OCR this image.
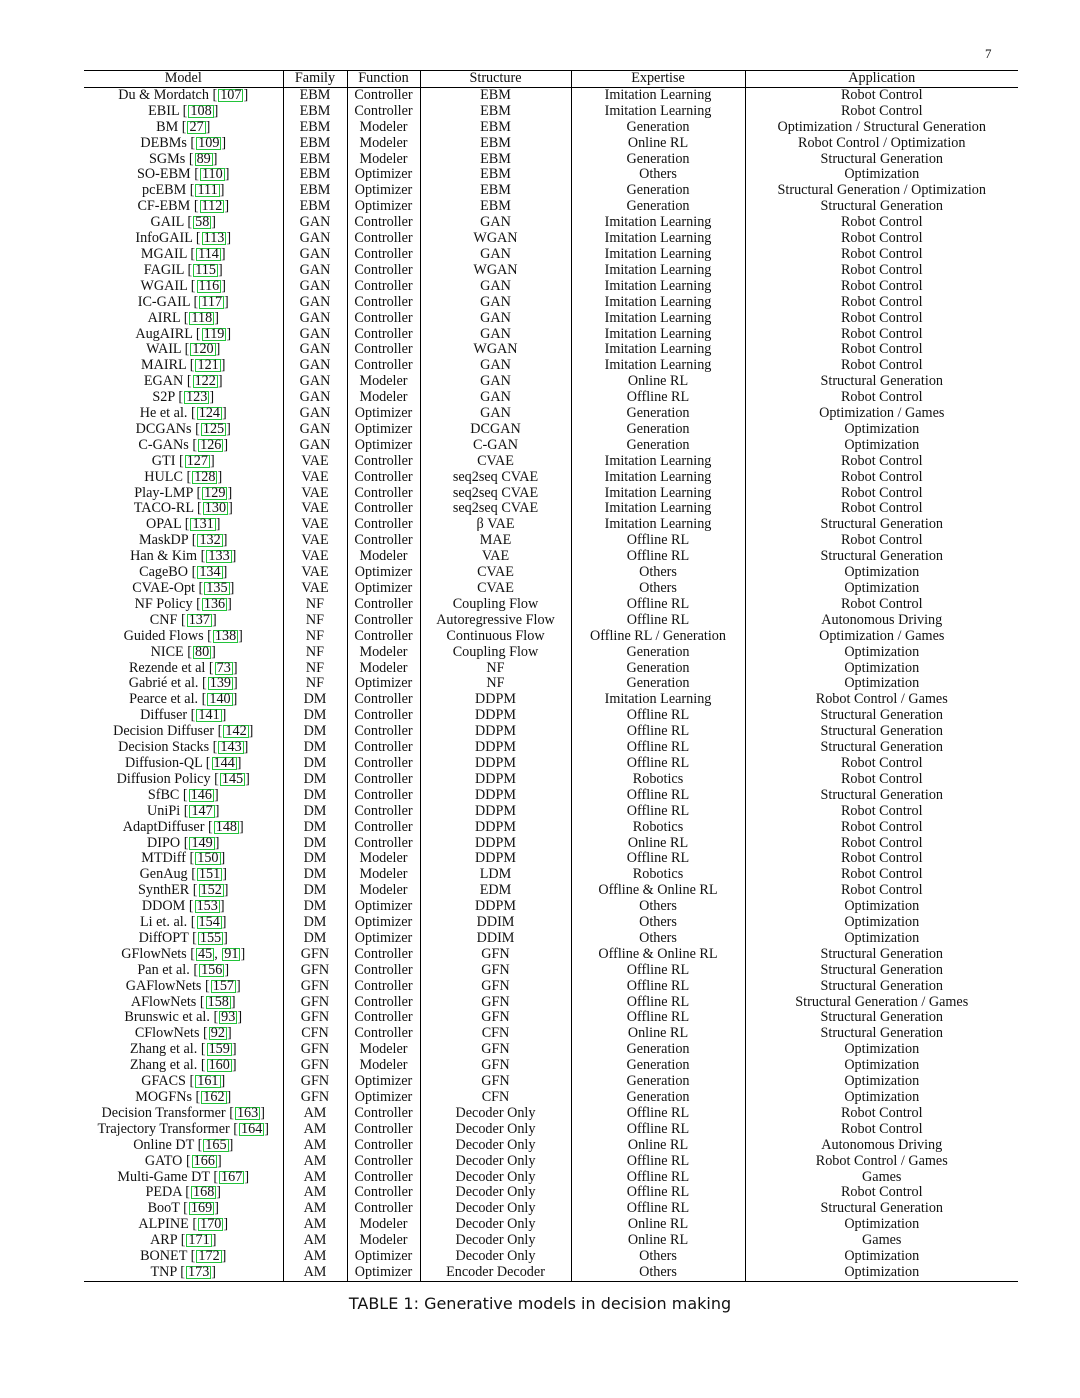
7
Model	Family	Function	Structure	Expertise	Application
Du & Mordatch [ 107 ]	EBM	Controller	EBM	Imitation Learning	Robot Control
EBIL [ 108 ]	EBM	Controller	EBM	Imitation Learning	Robot Control
BM [ 27 ]	EBM	Modeler	EBM	Generation	Optimization / Structural Generation
DEBMs [ 109 ]	EBM	Modeler	EBM	Online RL	Robot Control / Optimization
SGMs [ 89 ]	EBM	Modeler	EBM	Generation	Structural Generation
SO-EBM [ 110 ]	EBM	Optimizer	EBM	Others	Optimization
pcEBM [ 111 ]	EBM	Optimizer	EBM	Generation	Structural Generation / Optimization
CF-EBM [ 112 ]	EBM	Optimizer	EBM	Generation	Structural Generation
GAIL [ 58 ]	GAN	Controller	GAN	Imitation Learning	Robot Control
InfoGAIL [ 113 ]	GAN	Controller	WGAN	Imitation Learning	Robot Control
MGAIL [ 114 ]	GAN	Controller	GAN	Imitation Learning	Robot Control
FAGIL [ 115 ]	GAN	Controller	WGAN	Imitation Learning	Robot Control
WGAIL [ 116 ]	GAN	Controller	GAN	Imitation Learning	Robot Control
IC-GAIL [ 117 ]	GAN	Controller	GAN	Imitation Learning	Robot Control
AIRL [ 118 ]	GAN	Controller	GAN	Imitation Learning	Robot Control
AugAIRL [ 119 ]	GAN	Controller	GAN	Imitation Learning	Robot Control
WAIL [ 120 ]	GAN	Controller	WGAN	Imitation Learning	Robot Control
MAIRL [ 121 ]	GAN	Controller	GAN	Imitation Learning	Robot Control
EGAN [ 122 ]	GAN	Modeler	GAN	Online RL	Structural Generation
S2P [ 123 ]	GAN	Modeler	GAN	Offline RL	Robot Control
He et al. [ 124 ]	GAN	Optimizer	GAN	Generation	Optimization / Games
DCGANs [ 125 ]	GAN	Optimizer	DCGAN	Generation	Optimization
C-GANs [ 126 ]	GAN	Optimizer	C-GAN	Generation	Optimization
GTI [ 127 ]	VAE	Controller	CVAE	Imitation Learning	Robot Control
HULC [ 128 ]	VAE	Controller	seq2seq CVAE	Imitation Learning	Robot Control
Play-LMP [ 129 ]	VAE	Controller	seq2seq CVAE	Imitation Learning	Robot Control
TACO-RL [ 130 ]	VAE	Controller	seq2seq CVAE	Imitation Learning	Robot Control
OPAL [ 131 ]	VAE	Controller	β VAE	Imitation Learning	Structural Generation
MaskDP [ 132 ]	VAE	Controller	MAE	Offline RL	Robot Control
Han & Kim [ 133 ]	VAE	Modeler	VAE	Offline RL	Structural Generation
CageBO [ 134 ]	VAE	Optimizer	CVAE	Others	Optimization
CVAE-Opt [ 135 ]	VAE	Optimizer	CVAE	Others	Optimization
NF Policy [ 136 ]	NF	Controller	Coupling Flow	Offline RL	Robot Control
CNF [ 137 ]	NF	Controller	Autoregressive Flow	Offline RL	Autonomous Driving
Guided Flows [ 138 ]	NF	Controller	Continuous Flow	Offline RL / Generation	Optimization / Games
NICE [ 80 ]	NF	Modeler	Coupling Flow	Generation	Optimization
Rezende et al [ 73 ]	NF	Modeler	NF	Generation	Optimization
Gabrié et al. [ 139 ]	NF	Optimizer	NF	Generation	Optimization
Pearce et al. [ 140 ]	DM	Controller	DDPM	Imitation Learning	Robot Control / Games
Diffuser [ 141 ]	DM	Controller	DDPM	Offline RL	Structural Generation
Decision Diffuser [ 142 ]	DM	Controller	DDPM	Offline RL	Structural Generation
Decision Stacks [ 143 ]	DM	Controller	DDPM	Offline RL	Structural Generation
Diffusion-QL [ 144 ]	DM	Controller	DDPM	Offline RL	Robot Control
Diffusion Policy [ 145 ]	DM	Controller	DDPM	Robotics	Robot Control
SfBC [ 146 ]	DM	Controller	DDPM	Offline RL	Structural Generation
UniPi [ 147 ]	DM	Controller	DDPM	Offline RL	Robot Control
AdaptDiffuser [ 148 ]	DM	Controller	DDPM	Robotics	Robot Control
DIPO [ 149 ]	DM	Controller	DDPM	Online RL	Robot Control
MTDiff [ 150 ]	DM	Modeler	DDPM	Offline RL	Robot Control
GenAug [ 151 ]	DM	Modeler	LDM	Robotics	Robot Control
SynthER [ 152 ]	DM	Modeler	EDM	Offline & Online RL	Robot Control
DDOM [ 153 ]	DM	Optimizer	DDPM	Others	Optimization
Li et. al. [ 154 ]	DM	Optimizer	DDIM	Others	Optimization
DiffOPT [ 155 ]	DM	Optimizer	DDIM	Others	Optimization
GFlowNets [ 45 , 91 ]	GFN	Controller	GFN	Offline & Online RL	Structural Generation
Pan et al. [ 156 ]	GFN	Controller	GFN	Offline RL	Structural Generation
GAFlowNets [ 157 ]	GFN	Controller	GFN	Offline RL	Structural Generation
AFlowNets [ 158 ]	GFN	Controller	GFN	Offline RL	Structural Generation / Games
Brunswic et al. [ 93 ]	GFN	Controller	GFN	Offline RL	Structural Generation
CFlowNets [ 92 ]	CFN	Controller	CFN	Online RL	Structural Generation
Zhang et al. [ 159 ]	GFN	Modeler	GFN	Generation	Optimization
Zhang et al. [ 160 ]	GFN	Modeler	GFN	Generation	Optimization
GFACS [ 161 ]	GFN	Optimizer	GFN	Generation	Optimization
MOGFNs [ 162 ]	GFN	Optimizer	CFN	Generation	Optimization
Decision Transformer [ 163 ]	AM	Controller	Decoder Only	Offline RL	Robot Control
Trajectory Transformer [ 164 ]	AM	Controller	Decoder Only	Offline RL	Robot Control
Online DT [ 165 ]	AM	Controller	Decoder Only	Online RL	Autonomous Driving
GATO [ 166 ]	AM	Controller	Decoder Only	Offline RL	Robot Control / Games
Multi-Game DT [ 167 ]	AM	Controller	Decoder Only	Offline RL	Games
PEDA [ 168 ]	AM	Controller	Decoder Only	Offline RL	Robot Control
BooT [ 169 ]	AM	Controller	Decoder Only	Offline RL	Structural Generation
ALPINE [ 170 ]	AM	Modeler	Decoder Only	Online RL	Optimization
ARP [ 171 ]	AM	Modeler	Decoder Only	Online RL	Games
BONET [ 172 ]	AM	Optimizer	Decoder Only	Others	Optimization
TNP [ 173 ]	AM	Optimizer	Encoder Decoder	Others	Optimization
TABLE 1: Generative models in decision making
